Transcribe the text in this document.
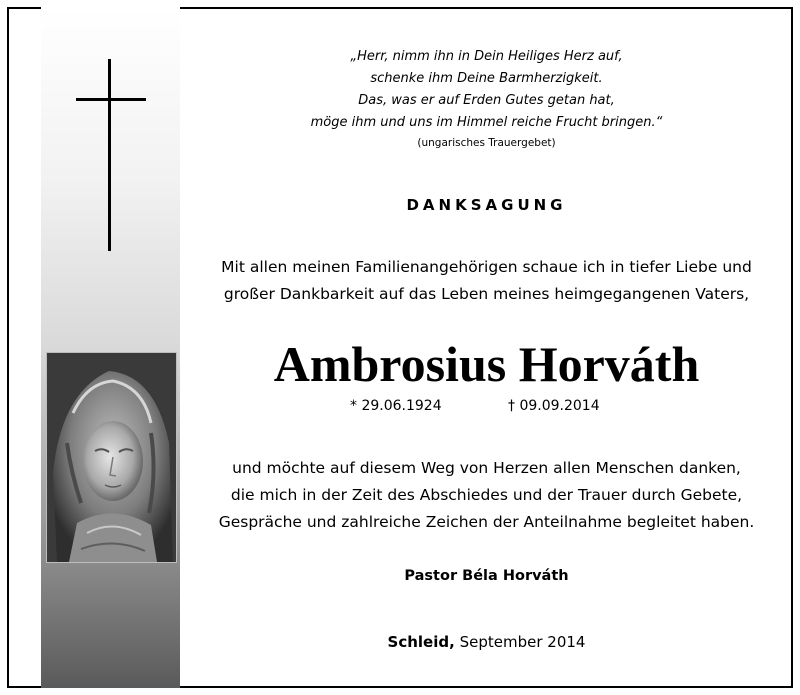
„Herr, nimm ihn in Dein Heiliges Herz auf,
schenke ihm Deine Barmherzigkeit.
Das, was er auf Erden Gutes getan hat,
möge ihm und uns im Himmel reiche Frucht bringen.“
(ungarisches Trauergebet)
DANKSAGUNG
Mit allen meinen Familienangehörigen schaue ich in tiefer Liebe und
großer Dankbarkeit auf das Leben meines heimgegangenen Vaters,
Ambrosius Horváth
* 29.06.1924	† 09.09.2014
und möchte auf diesem Weg von Herzen allen Menschen danken,
die mich in der Zeit des Abschiedes und der Trauer durch Gebete,
Gespräche und zahlreiche Zeichen der Anteilnahme begleitet haben.
Pastor Béla Horváth
Schleid, September 2014
